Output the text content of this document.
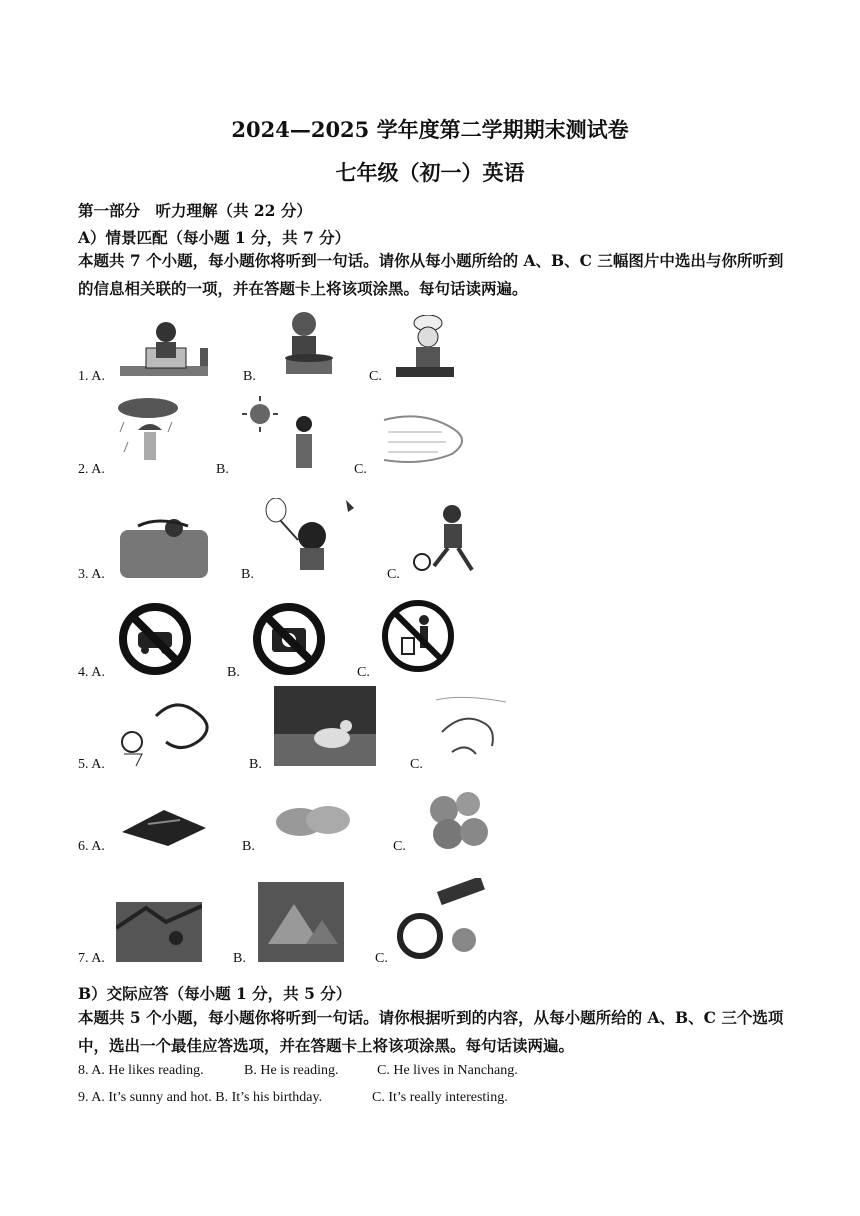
2024—2025 学年度第二学期期末测试卷
七年级（初一）英语
第一部分　听力理解（共 22 分）
A）情景匹配（每小题 1 分，共 7 分）
本题共 7 个小题，每小题你将听到一句话。请你从每小题所给的 A、B、C 三幅图片中选出与你所听到的信息相关联的一项，并在答题卡上将该项涂黑。每句话读两遍。
1. A.	B.	C.
2. A.	B.	C.
3. A.	B.	C.
4. A.	B.	C.
5. A.	B.	C.
6. A.	B.	C.
7. A.	B.	C.
B）交际应答（每小题 1 分，共 5 分）
本题共 5 个小题，每小题你将听到一句话。请你根据听到的内容，从每小题所给的 A、B、C 三个选项中，选出一个最佳应答选项，并在答题卡上将该项涂黑。每句话读两遍。
8. A. He likes reading.	B. He is reading.	C. He lives in Nanchang.
9. A. It’s sunny and hot. B. It’s his birthday.	C. It’s really interesting.
